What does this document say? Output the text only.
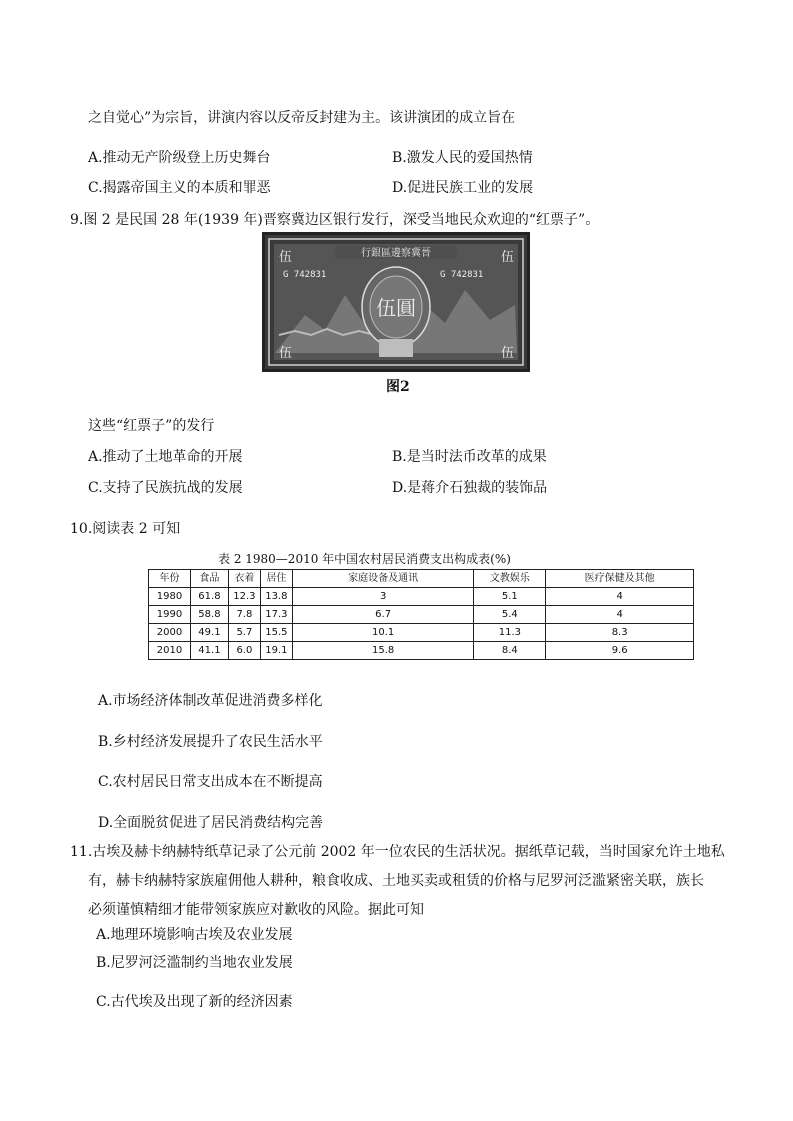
之自觉心”为宗旨，讲演内容以反帝反封建为主。该讲演团的成立旨在
A.推动无产阶级登上历史舞台	B.激发人民的爱国热情
C.揭露帝国主义的本质和罪恶	D.促进民族工业的发展
9.图 2 是民国 28 年(1939 年)晋察冀边区银行发行，深受当地民众欢迎的“红票子”。
行銀區邊察冀晉
G 742831	G 742831
伍圓
伍	伍
伍	伍
图2
这些“红票子”的发行
A.推动了土地革命的开展	B.是当时法币改革的成果
C.支持了民族抗战的发展	D.是蒋介石独裁的装饰品
10.阅读表 2 可知
表 2 1980—2010 年中国农村居民消费支出构成表(%)
年份	食品	衣着	居住	家庭设备及通讯	文教娱乐	医疗保健及其他
1980	61.8	12.3	13.8	3	5.1	4
1990	58.8	7.8	17.3	6.7	5.4	4
2000	49.1	5.7	15.5	10.1	11.3	8.3
2010	41.1	6.0	19.1	15.8	8.4	9.6
A.市场经济体制改革促进消费多样化
B.乡村经济发展提升了农民生活水平
C.农村居民日常支出成本在不断提高
D.全面脱贫促进了居民消费结构完善
11.古埃及赫卡纳赫特纸草记录了公元前 2002 年一位农民的生活状况。据纸草记载，当时国家允许土地私
有，赫卡纳赫特家族雇佣他人耕种，粮食收成、土地买卖或租赁的价格与尼罗河泛滥紧密关联，族长
必须谨慎精细才能带领家族应对歉收的风险。据此可知
A.地理环境影响古埃及农业发展
B.尼罗河泛滥制约当地农业发展
C.古代埃及出现了新的经济因素
